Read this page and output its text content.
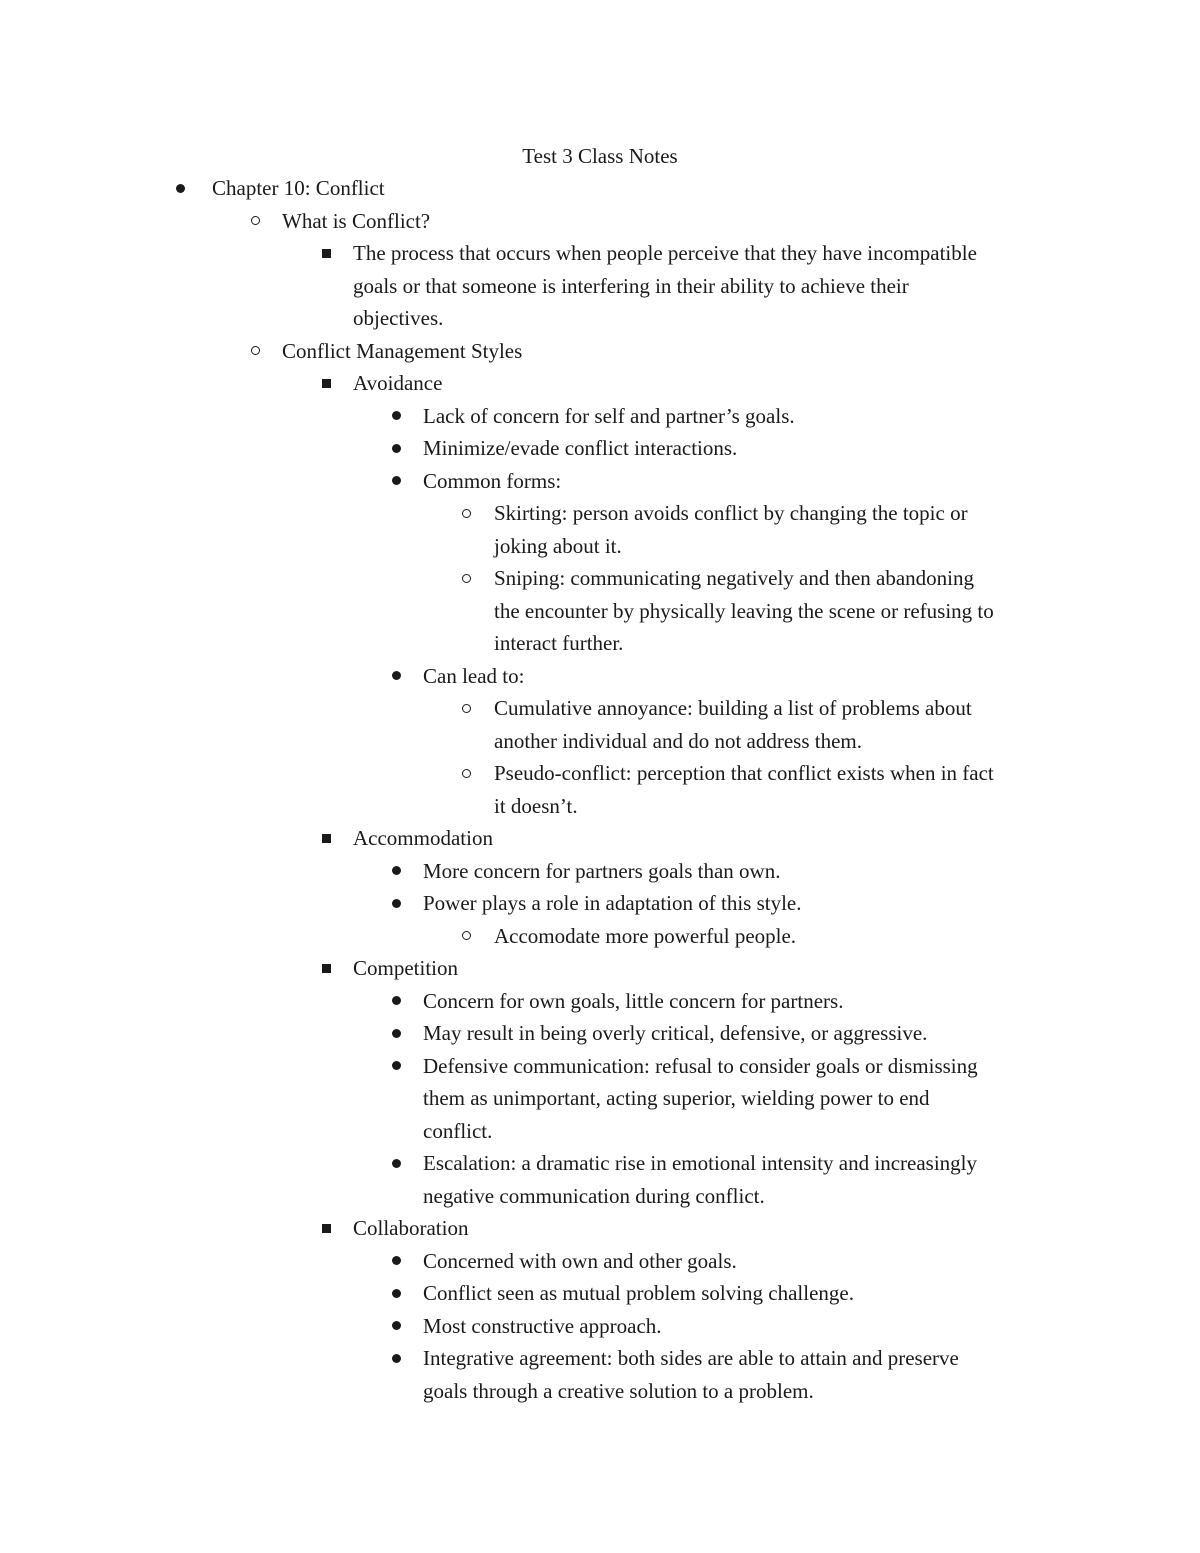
Test 3 Class Notes
Chapter 10: Conflict
What is Conflict?
The process that occurs when people perceive that they have incompatible
goals or that someone is interfering in their ability to achieve their
objectives.
Conflict Management Styles
Avoidance
Lack of concern for self and partner’s goals.
Minimize/evade conflict interactions.
Common forms:
Skirting: person avoids conflict by changing the topic or
joking about it.
Sniping: communicating negatively and then abandoning
the encounter by physically leaving the scene or refusing to
interact further.
Can lead to:
Cumulative annoyance: building a list of problems about
another individual and do not address them.
Pseudo-conflict: perception that conflict exists when in fact
it doesn’t.
Accommodation
More concern for partners goals than own.
Power plays a role in adaptation of this style.
Accomodate more powerful people.
Competition
Concern for own goals, little concern for partners.
May result in being overly critical, defensive, or aggressive.
Defensive communication: refusal to consider goals or dismissing
them as unimportant, acting superior, wielding power to end
conflict.
Escalation: a dramatic rise in emotional intensity and increasingly
negative communication during conflict.
Collaboration
Concerned with own and other goals.
Conflict seen as mutual problem solving challenge.
Most constructive approach.
Integrative agreement: both sides are able to attain and preserve
goals through a creative solution to a problem.
